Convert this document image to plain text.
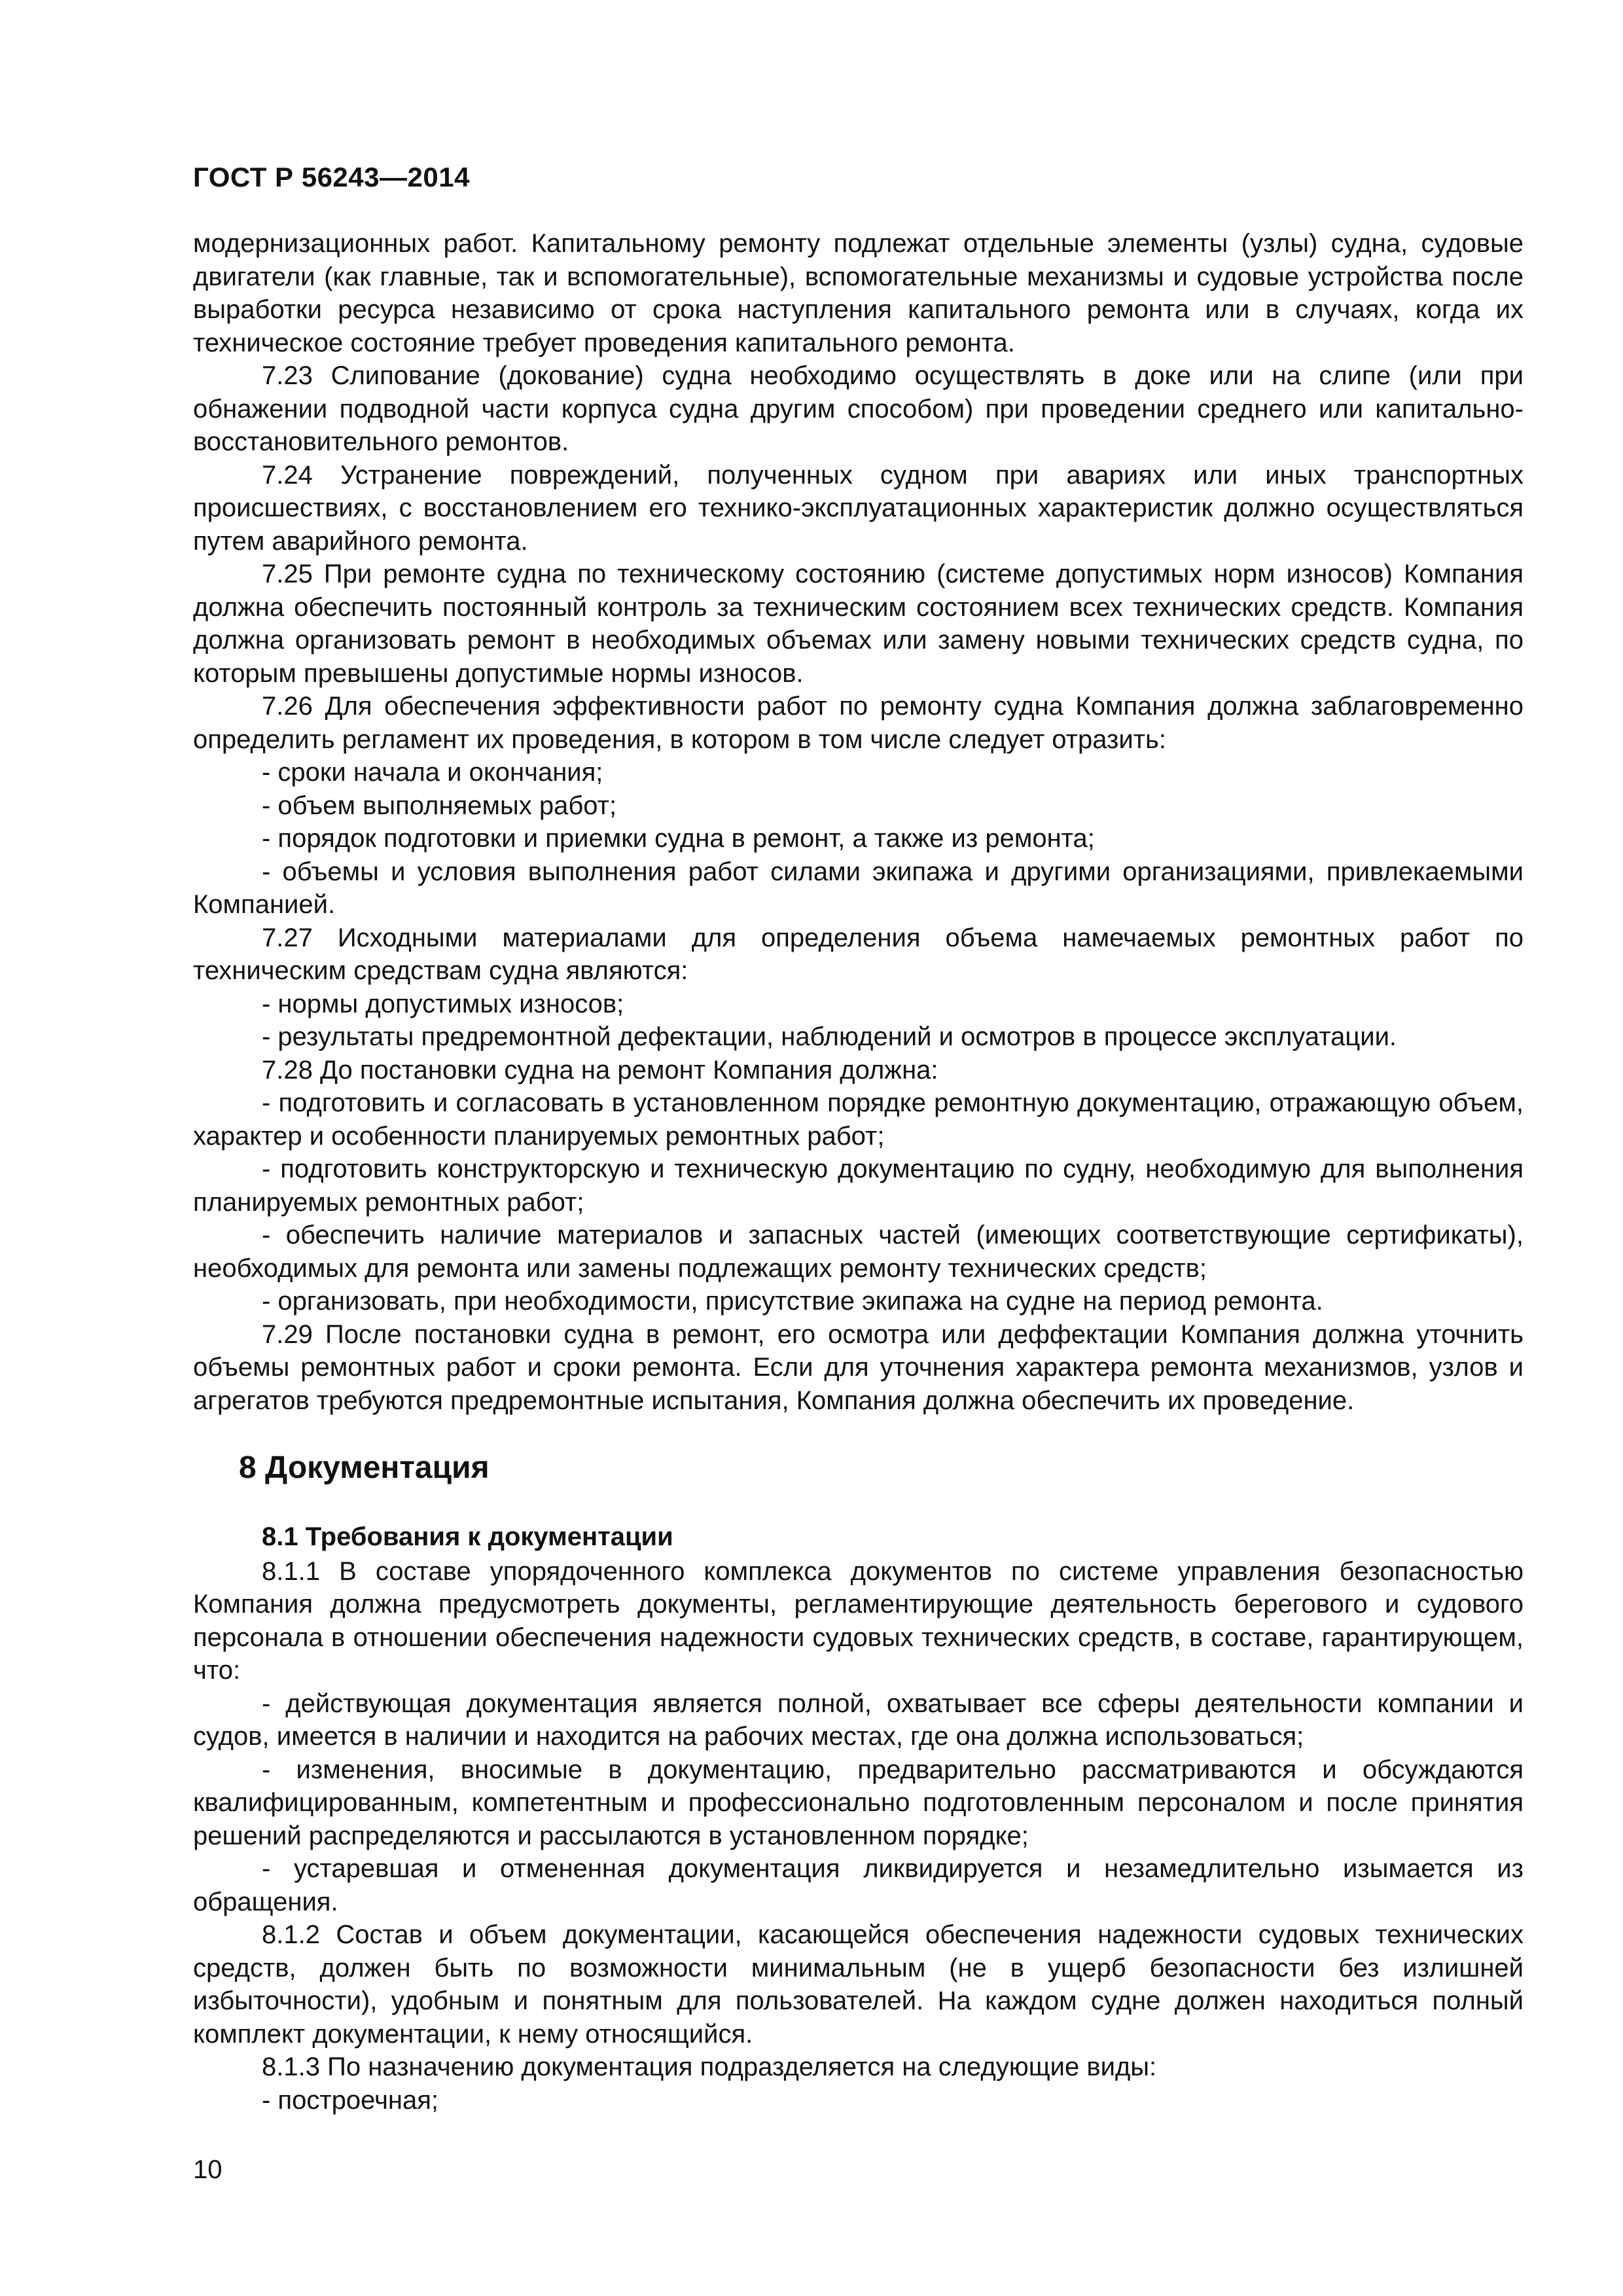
ГОСТ Р 56243—2014

модернизационных работ. Капитальному ремонту подлежат отдельные элементы (узлы) судна, судовые двигатели (как главные, так и вспомогательные), вспомогательные механизмы и судовые устройства после выработки ресурса независимо от срока наступления капитального ремонта или в случаях, когда их техническое состояние требует проведения капитального ремонта.

7.23 Слипование (докование) судна необходимо осуществлять в доке или на слипе (или при обнажении подводной части корпуса судна другим способом) при проведении среднего или капитально-восстановительного ремонтов.

7.24 Устранение повреждений, полученных судном при авариях или иных транспортных происшествиях, с восстановлением его технико-эксплуатационных характеристик должно осуществляться путем аварийного ремонта.

7.25 При ремонте судна по техническому состоянию (системе допустимых норм износов) Компания должна обеспечить постоянный контроль за техническим состоянием всех технических средств. Компания должна организовать ремонт в необходимых объемах или замену новыми технических средств судна, по которым превышены допустимые нормы износов.

7.26 Для обеспечения эффективности работ по ремонту судна Компания должна заблаговременно определить регламент их проведения, в котором в том числе следует отразить:

- сроки начала и окончания;

- объем выполняемых работ;

- порядок подготовки и приемки судна в ремонт, а также из ремонта;

- объемы и условия выполнения работ силами экипажа и другими организациями, привлекаемыми Компанией.

7.27 Исходными материалами для определения объема намечаемых ремонтных работ по техническим средствам судна являются:

- нормы допустимых износов;

- результаты предремонтной дефектации, наблюдений и осмотров в процессе эксплуатации.

7.28 До постановки судна на ремонт Компания должна:

- подготовить и согласовать в установленном порядке ремонтную документацию, отражающую объем, характер и особенности планируемых ремонтных работ;

- подготовить конструкторскую и техническую документацию по судну, необходимую для выполнения планируемых ремонтных работ;

- обеспечить наличие материалов и запасных частей (имеющих соответствующие сертификаты), необходимых для ремонта или замены подлежащих ремонту технических средств;

- организовать, при необходимости, присутствие экипажа на судне на период ремонта.

7.29 После постановки судна в ремонт, его осмотра или деффектации Компания должна уточнить объемы ремонтных работ и сроки ремонта. Если для уточнения характера ремонта механизмов, узлов и агрегатов требуются предремонтные испытания, Компания должна обеспечить их проведение.

8 Документация
8.1 Требования к документации

8.1.1 В составе упорядоченного комплекса документов по системе управления безопасностью Компания должна предусмотреть документы, регламентирующие деятельность берегового и судового персонала в отношении обеспечения надежности судовых технических средств, в составе, гарантирующем, что:

- действующая документация является полной, охватывает все сферы деятельности компании и судов, имеется в наличии и находится на рабочих местах, где она должна использоваться;

- изменения, вносимые в документацию, предварительно рассматриваются и обсуждаются квалифицированным, компетентным и профессионально подготовленным персоналом и после принятия решений распределяются и рассылаются в установленном порядке;

- устаревшая и отмененная документация ликвидируется и незамедлительно изымается из обращения.

8.1.2 Состав и объем документации, касающейся обеспечения надежности судовых технических средств, должен быть по возможности минимальным (не в ущерб безопасности без излишней избыточности), удобным и понятным для пользователей. На каждом судне должен находиться полный комплект документации, к нему относящийся.

8.1.3 По назначению документация подразделяется на следующие виды:

- построечная;

10
